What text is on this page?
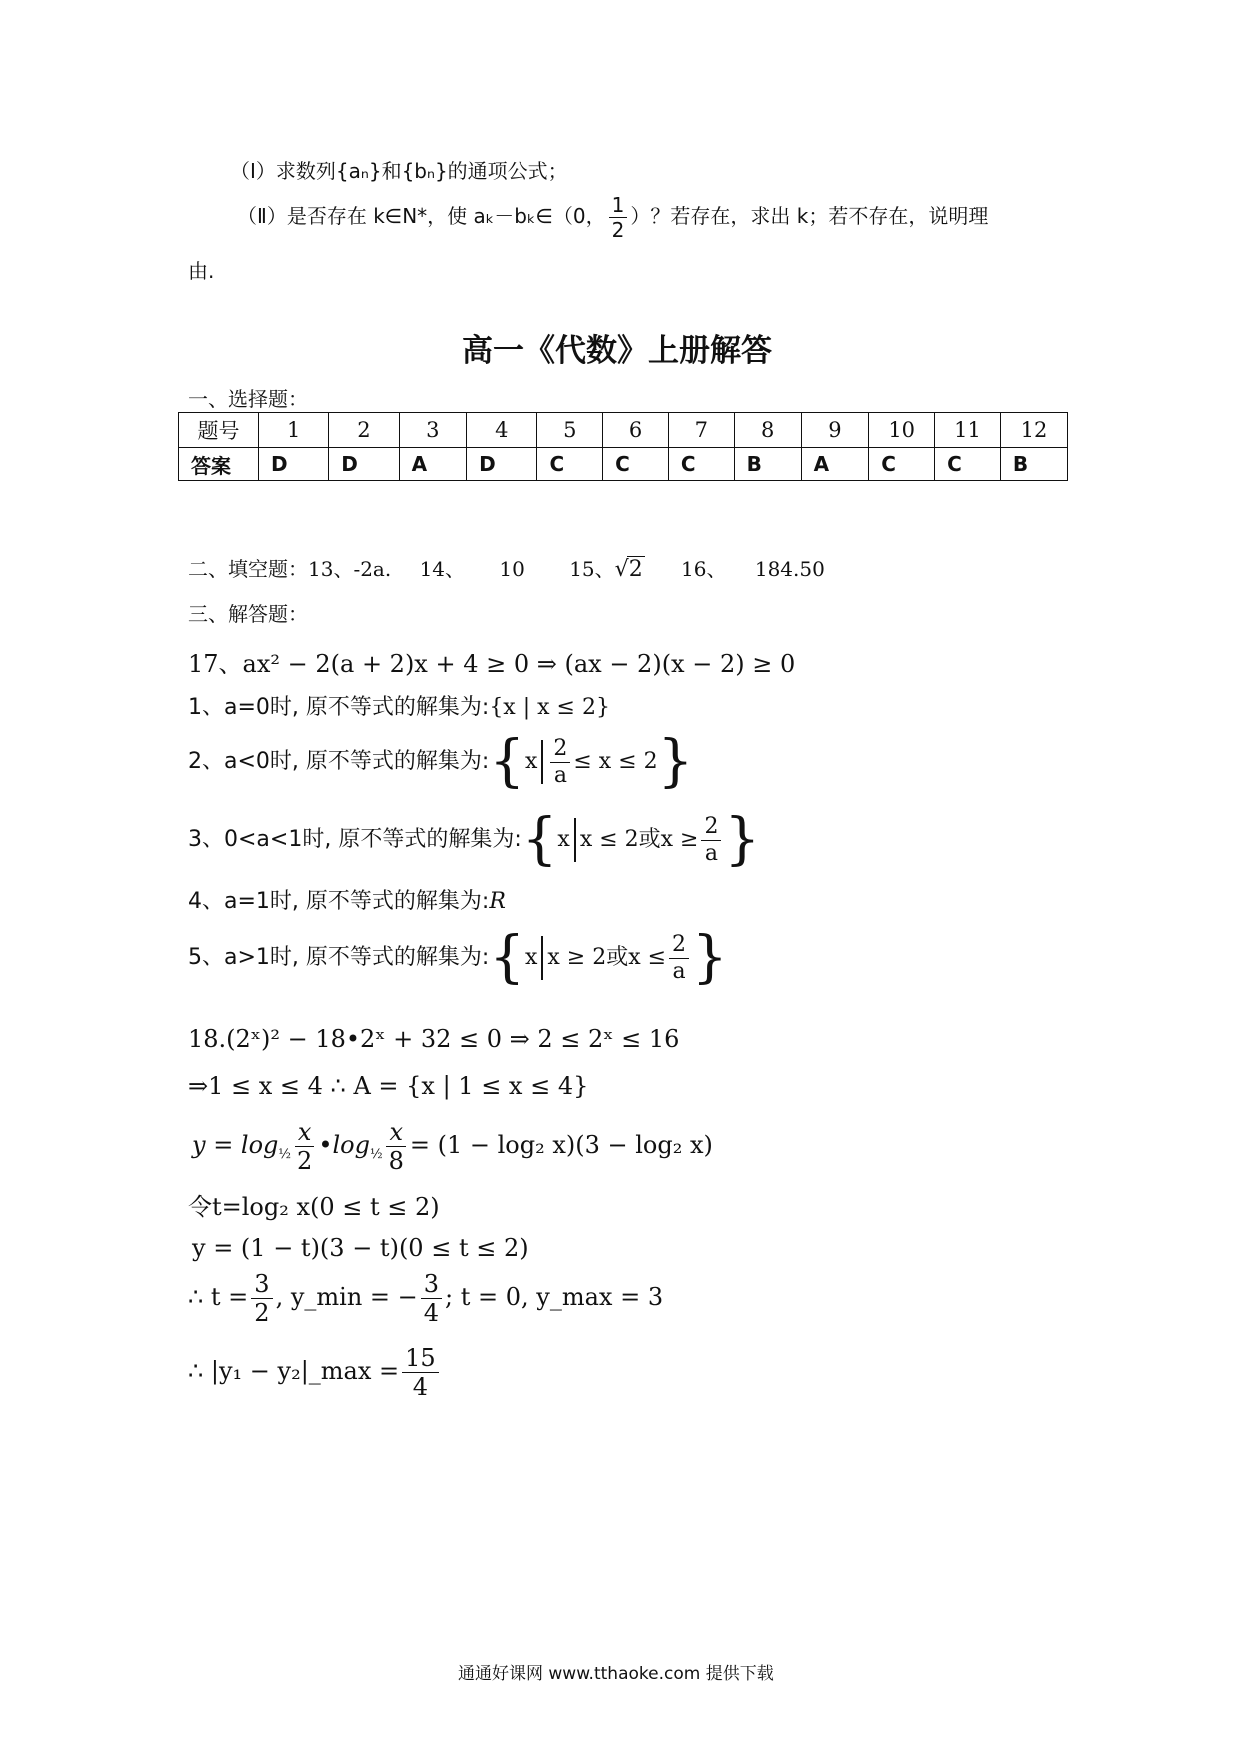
（Ⅰ）求数列{aₙ}和{bₙ}的通项公式；
（Ⅱ）是否存在 k∈N*，使 aₖ－bₖ∈（0， $\frac{1}{2}$ ）？若存在，求出 k；若不存在，说明理
由.
高一《代数》上册解答
一、选择题：
题号	1	2	3	4	5	6	7	8	9	10	11	12
答案	D	D	A	D	C	C	C	B	A	C	C	B
二、填空题：13、-2a. 14、 10 15、√2 16、 184.50
三、解答题：
17、ax² − 2(a + 2)x + 4 ≥ 0 ⇒ (ax − 2)(x − 2) ≥ 0
1、a=0时, 原不等式的解集为:{x | x ≤ 2}
2、a<0时, 原不等式的解集为:{x $\frac{2}{a} \le x \le 2$}
3、0<a<1时, 原不等式的解集为:{x x ≤ 2或$x \ge \frac{2}{a}$ }
4、a=1时, 原不等式的解集为:R
5、a>1时, 原不等式的解集为:{x x ≥ 2或$x \le \frac{2}{a}$ }
18.(2ˣ)² − 18•2ˣ + 32 ≤ 0 ⇒ 2 ≤ 2ˣ ≤ 16
⇒1 ≤ x ≤ 4 ∴ A = {x | 1 ≤ x ≤ 4}
$y = \log_{\frac{1}{2}} \frac{x}{2}$ $•\log_{\frac{1}{2}} \frac{x}{8} = (1 - \log_2$ x)(3 − log₂ x)
令t=log₂ x(0 ≤ t ≤ 2)
y = (1 − t)(3 − t)(0 ≤ t ≤ 2)
∴ $t = \frac{3}{2}$ , y_min = − $\frac{3}{4}$ ; t = 0, y_max = 3
∴ |y₁ − y₂|_max = $\frac{15}{4}$
通通好课网 www.tthaoke.com 提供下载
